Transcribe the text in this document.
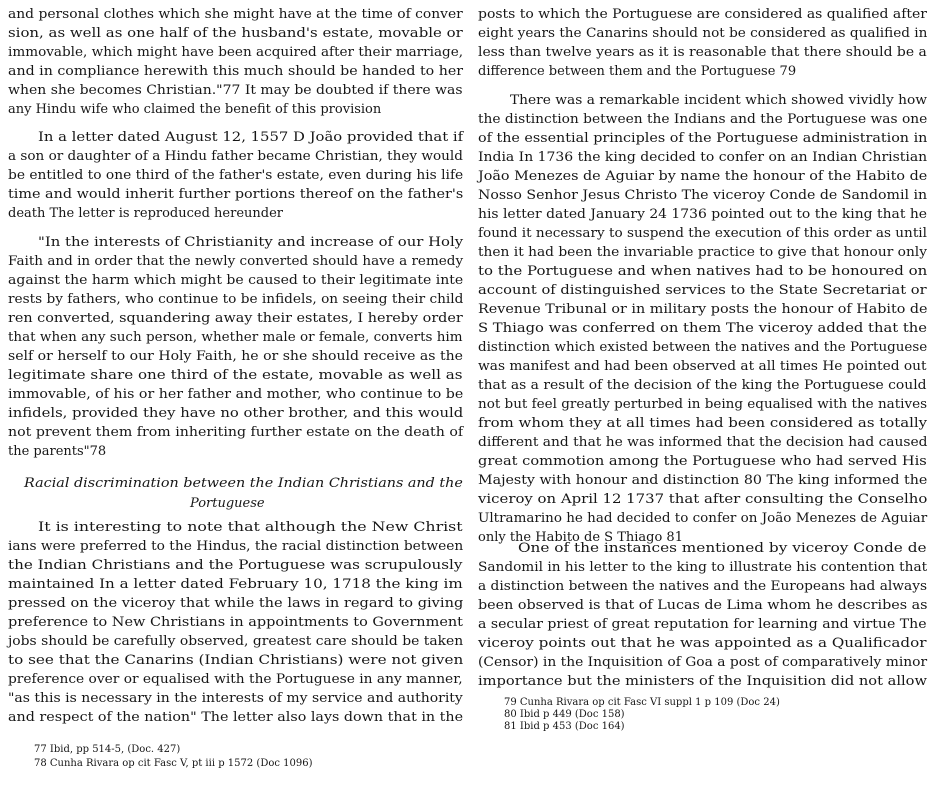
and personal clothes which she might have at the time of conver
sion, as well as one half of the husband's estate, movable or
immovable, which might have been acquired after their marriage,
and in compliance herewith this much should be handed to her
when she becomes Christian."77 It may be doubted if there was
any Hindu wife who claimed the benefit of this provision
In a letter dated August 12, 1557 D João provided that if
a son or daughter of a Hindu father became Christian, they would
be entitled to one third of the father's estate, even during his life
time and would inherit further portions thereof on the father's
death The letter is reproduced hereunder
"In the interests of Christianity and increase of our Holy
Faith and in order that the newly converted should have a remedy
against the harm which might be caused to their legitimate inte
rests by fathers, who continue to be infidels, on seeing their child
ren converted, squandering away their estates, I hereby order
that when any such person, whether male or female, converts him
self or herself to our Holy Faith, he or she should receive as the
legitimate share one third of the estate, movable as well as
immovable, of his or her father and mother, who continue to be
infidels, provided they have no other brother, and this would
not prevent them from inheriting further estate on the death of
the parents"78
Racial discrimination between the Indian Christians and the
Portuguese
It is interesting to note that although the New Christ
ians were preferred to the Hindus, the racial distinction between
the Indian Christians and the Portuguese was scrupulously
maintained In a letter dated February 10, 1718 the king im
pressed on the viceroy that while the laws in regard to giving
preference to New Christians in appointments to Government
jobs should be carefully observed, greatest care should be taken
to see that the Canarins (Indian Christians) were not given
preference over or equalised with the Portuguese in any manner,
"as this is necessary in the interests of my service and authority
and respect of the nation" The letter also lays down that in the
77 Ibid, pp 514-5, (Doc. 427)
78 Cunha Rivara op cit Fasc V, pt iii p 1572 (Doc 1096)
posts to which the Portuguese are considered as qualified after
eight years the Canarins should not be considered as qualified in
less than twelve years as it is reasonable that there should be a
difference between them and the Portuguese 79
There was a remarkable incident which showed vividly how
the distinction between the Indians and the Portuguese was one
of the essential principles of the Portuguese administration in
India In 1736 the king decided to confer on an Indian Christian
João Menezes de Aguiar by name the honour of the Habito de
Nosso Senhor Jesus Christo The viceroy Conde de Sandomil in
his letter dated January 24 1736 pointed out to the king that he
found it necessary to suspend the execution of this order as until
then it had been the invariable practice to give that honour only
to the Portuguese and when natives had to be honoured on
account of distinguished services to the State Secretariat or
Revenue Tribunal or in military posts the honour of Habito de
S Thiago was conferred on them The viceroy added that the
distinction which existed between the natives and the Portuguese
was manifest and had been observed at all times He pointed out
that as a result of the decision of the king the Portuguese could
not but feel greatly perturbed in being equalised with the natives
from whom they at all times had been considered as totally
different and that he was informed that the decision had caused
great commotion among the Portuguese who had served His
Majesty with honour and distinction 80 The king informed the
viceroy on April 12 1737 that after consulting the Conselho
Ultramarino he had decided to confer on João Menezes de Aguiar
only the Habito de S Thiago 81
One of the instances mentioned by viceroy Conde de
Sandomil in his letter to the king to illustrate his contention that
a distinction between the natives and the Europeans had always
been observed is that of Lucas de Lima whom he describes as
a secular priest of great reputation for learning and virtue The
viceroy points out that he was appointed as a Qualificador
(Censor) in the Inquisition of Goa a post of comparatively minor
importance but the ministers of the Inquisition did not allow
79 Cunha Rivara op cit Fasc VI suppl 1 p 109 (Doc 24)
80 Ibid p 449 (Doc 158)
81 Ibid p 453 (Doc 164)
